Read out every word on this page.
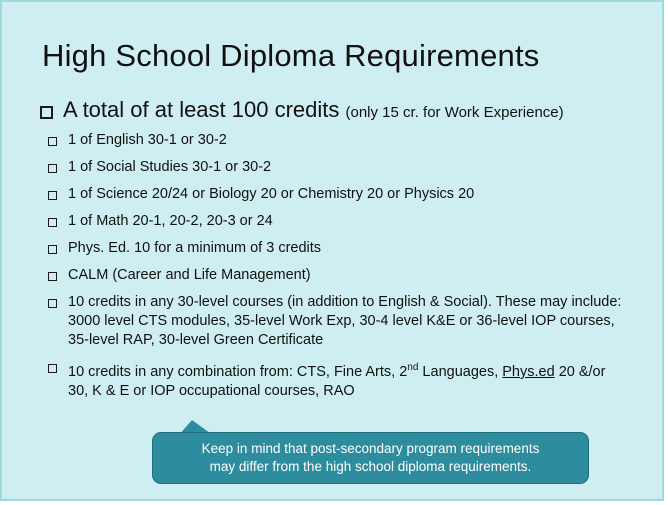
High School Diploma Requirements
A total of at least 100 credits (only 15 cr. for Work Experience)
1 of English 30-1 or 30-2
1 of Social Studies 30-1 or 30-2
1 of Science 20/24 or Biology 20 or Chemistry 20 or Physics 20
1 of Math 20-1, 20-2, 20-3 or 24
Phys. Ed. 10 for a minimum of 3 credits
CALM (Career and Life Management)
10 credits in any 30-level courses (in addition to English & Social). These may include: 3000 level CTS modules, 35-level Work Exp, 30-4 level K&E or 36-level IOP courses, 35-level RAP, 30-level Green Certificate
10 credits in any combination from: CTS, Fine Arts, 2nd Languages, Phys.ed 20 &/or 30, K & E or IOP occupational courses, RAO
Keep in mind that post-secondary program requirements
may differ from the high school diploma requirements.
